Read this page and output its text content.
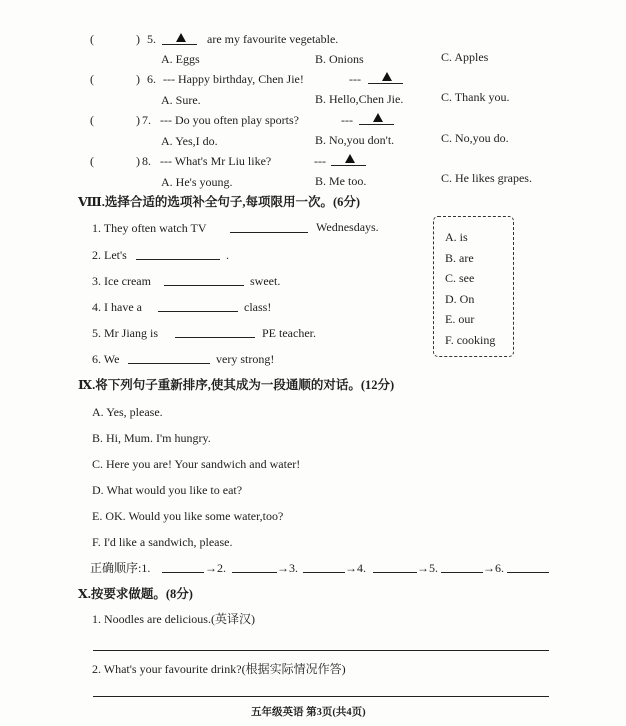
(	) 5.	are my favourite vegetable.
A. Eggs	B. Onions	C. Apples
(	) 6. --- Happy birthday, Chen Jie!	---
A. Sure.	B. Hello,Chen Jie.	C. Thank you.
(	) 7. --- Do you often play sports?	---
A. Yes,I do.	B. No,you don't.	C. No,you do.
(	) 8. --- What's Mr Liu like?	---
A. He's young.	B. Me too.	C. He likes grapes.
Ⅷ.选择合适的选项补全句子,每项限用一次。(6分)
1. They often watch TV	Wednesdays.
2. Let's	.
3. Ice cream	sweet.
4. I have a	class!
5. Mr Jiang is	PE teacher.
6. We	very strong!
A. is
B. are
C. see
D. On
E. our
F. cooking
Ⅸ.将下列句子重新排序,使其成为一段通顺的对话。(12分)
A. Yes, please.
B. Hi, Mum. I'm hungry.
C. Here you are! Your sandwich and water!
D. What would you like to eat?
E. OK. Would you like some water,too?
F. I'd like a sandwich, please.
正确顺序:1.	→2.	→3.	→4.	→5.	→6.
Ⅹ.按要求做题。(8分)
1. Noodles are delicious.(英译汉)
2. What's your favourite drink?(根据实际情况作答)
五年级英语 第3页(共4页)
